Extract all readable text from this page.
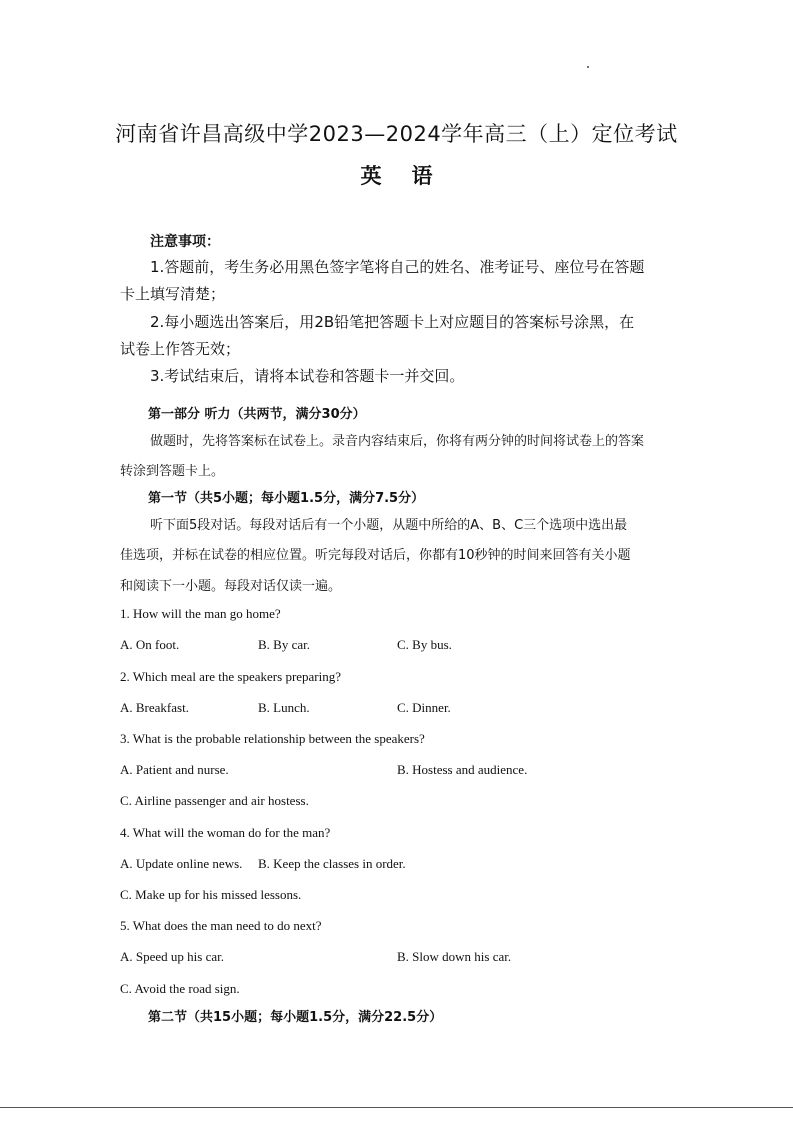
河南省许昌高级中学2023—2024学年高三（上）定位考试
英语
注意事项：
1.答题前，考生务必用黑色签字笔将自己的姓名、准考证号、座位号在答题
卡上填写清楚；
2.每小题选出答案后，用2B铅笔把答题卡上对应题目的答案标号涂黑，在
试卷上作答无效；
3.考试结束后，请将本试卷和答题卡一并交回。
第一部分 听力（共两节，满分30分）
做题时，先将答案标在试卷上。录音内容结束后，你将有两分钟的时间将试卷上的答案
转涂到答题卡上。
第一节（共5小题；每小题1.5分，满分7.5分）
听下面5段对话。每段对话后有一个小题，从题中所给的A、B、C三个选项中选出最
佳选项，并标在试卷的相应位置。听完每段对话后，你都有10秒钟的时间来回答有关小题
和阅读下一小题。每段对话仅读一遍。
1. How will the man go home?
A. On foot.	B. By car.	C. By bus.
2. Which meal are the speakers preparing?
A. Breakfast.	B. Lunch.	C. Dinner.
3. What is the probable relationship between the speakers?
A. Patient and nurse.	B. Hostess and audience.
C. Airline passenger and air hostess.
4. What will the woman do for the man?
A. Update online news. B. Keep the classes in order.
C. Make up for his missed lessons.
5. What does the man need to do next?
A. Speed up his car.	B. Slow down his car.
C. Avoid the road sign.
第二节（共15小题；每小题1.5分，满分22.5分）
